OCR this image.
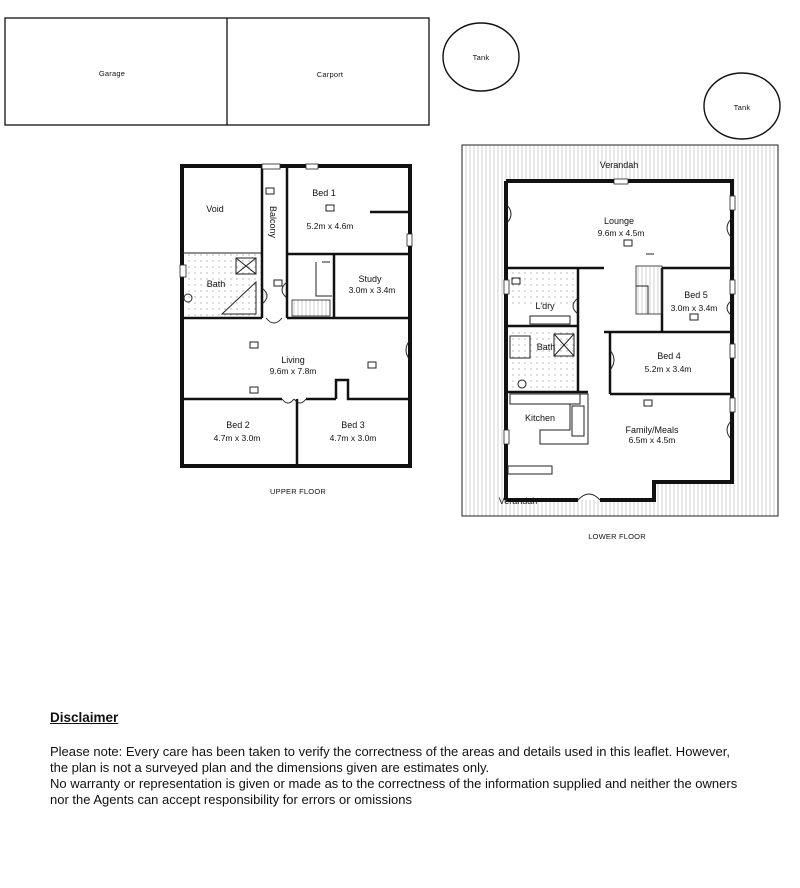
Garage	Carport
Tank
Tank
Void	Balcony
Bed 1
5.2m x 4.6m
Bath	Study
3.0m x 3.4m
Living
9.6m x 7.8m
Bed 2
4.7m x 3.0m
Bed 3
4.7m x 3.0m
UPPER FLOOR
Verandah
Lounge
9.6m x 4.5m
L'dry
Bed 5
3.0m x 3.4m
Bath
Bed 4
5.2m x 3.4m
Kitchen
Family/Meals
6.5m x 4.5m
Verandah
LOWER FLOOR
Disclaimer

Please note: Every care has been taken to verify the correctness of the areas and details used in this leaflet. However, the plan is not a surveyed plan and the dimensions given are estimates only.

No warranty or representation is given or made as to the correctness of the information supplied and neither the owners nor the Agents can accept responsibility for errors or omissions
